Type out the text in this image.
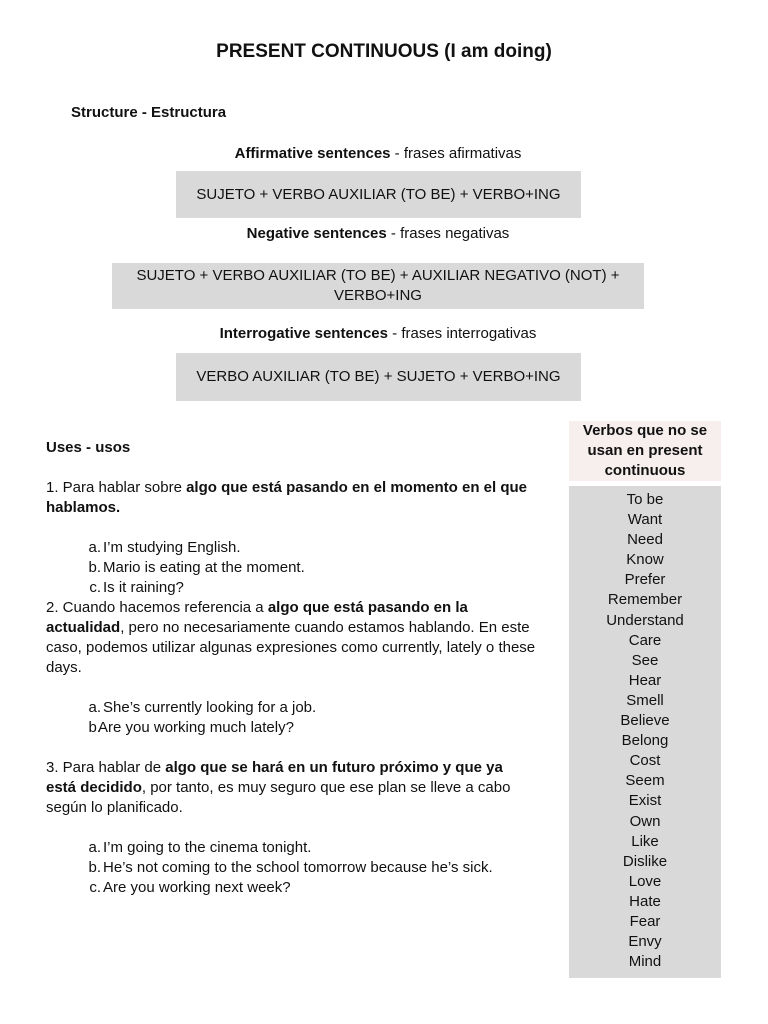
PRESENT CONTINUOUS (I am doing)
Structure - Estructura
Affirmative sentences - frases afirmativas
SUJETO + VERBO AUXILIAR (TO BE) + VERBO+ING
Negative sentences - frases negativas
SUJETO + VERBO AUXILIAR (TO BE) + AUXILIAR NEGATIVO (NOT) +
VERBO+ING
Interrogative sentences - frases interrogativas
VERBO AUXILIAR (TO BE) + SUJETO + VERBO+ING
Uses - usos

1. Para hablar sobre algo que está pasando en el momento en el que hablamos.

a. I’m studying English.
b. Mario is eating at the moment.
c. Is it raining?

2. Cuando hacemos referencia a algo que está pasando en la actualidad, pero no necesariamente cuando estamos hablando. En este caso, podemos utilizar algunas expresiones como currently, lately o these days.

a. She’s currently looking for a job.
b.
Are you working much lately?

3. Para hablar de algo que se hará en un futuro próximo y que ya está decidido, por tanto, es muy seguro que ese plan se lleve a cabo según lo planificado.

a. I’m going to the cinema tonight.
b. He’s not coming to the school tomorrow because he’s sick.
c. Are you working next week?
Verbos que no se usan en present continuous
To be
Want
Need
Know
Prefer
Remember
Understand
Care
See
Hear
Smell
Believe
Belong
Cost
Seem
Exist
Own
Like
Dislike
Love
Hate
Fear
Envy
Mind
